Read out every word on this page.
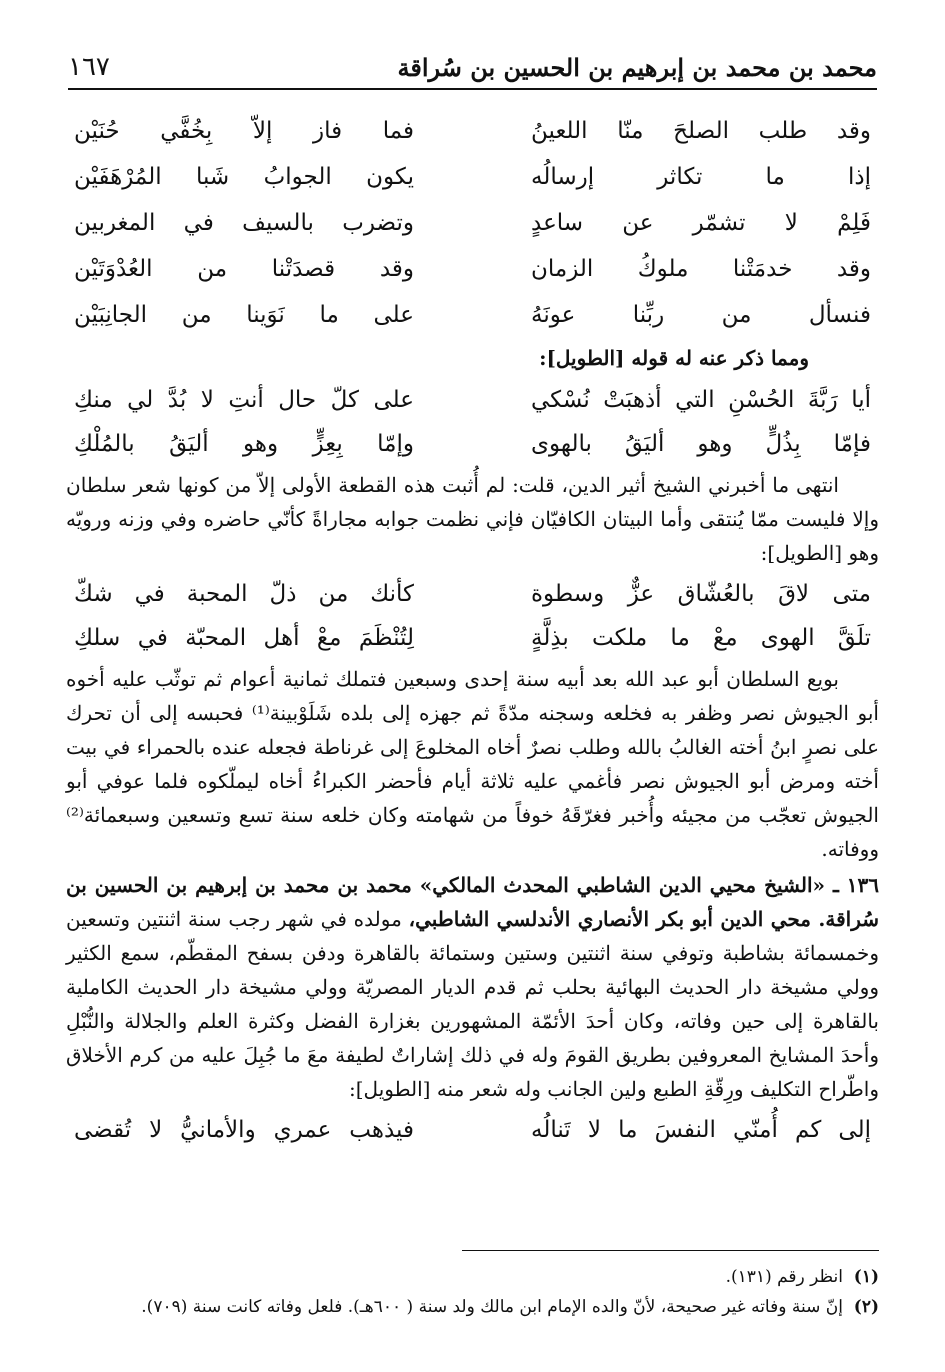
محمد بن محمد بن إبرهيم بن الحسين بن سُراقة
١٦٧
وقد طلب الصلحَ منّا اللعينُ
فما فاز إلاّ بِخُفَّي حُنَيْن
إذا ما تكاثر إرسالُه
يكون الجوابُ شَبا المُرْهَفَيْن
فَلِمْ لا تشمّر عن ساعدٍ
وتضرب بالسيف في المغربين
وقد خدمَتْنا ملوكُ الزمان
وقد قصدَتْنا من العُدْوَتَيْن
فنسأل من ربِّنا عونَهُ
على ما نَوَينا من الجانِبَيْن
ومما ذكر عنه له قوله [الطويل]:
أيا رَبَّةَ الحُسْنِ التي أذهبَتْ نُسْكي
على كلّ حال أنتِ لا بُدَّ لي منكِ
فإمّا بِذُلٍّ وهو أليَقُ بالهوى
وإمّا بِعِزٍّ وهو أليَقُ بالمُلْكِ

انتهى ما أخبرني الشيخ أثير الدين، قلت: لم أُثبت هذه القطعة الأولى إلاّ من كونها شعر سلطان وإلا فليست ممّا يُنتقى وأما البيتان الكافيّان فإني نظمت جوابه مجاراةً كأنّي حاضره وفي وزنه ورويّه وهو [الطويل]:

متى لاقَ بالعُشّاق عزٌّ وسطوة
كأنك من ذلّ المحبة في شكّ
تلَقَّ الهوى معْ ما ملكت بذِلَّةٍ
لِتُنْظَمَ معْ أهل المحبّة في سلكِ

بويع السلطان أبو عبد الله بعد أبيه سنة إحدى وسبعين فتملك ثمانية أعوام ثم توثّب عليه أخوه أبو الجيوش نصر وظفر به فخلعه وسجنه مدّةً ثم جهزه إلى بلده شَلَوْبينة⁽¹⁾ فحبسه إلى أن تحرك على نصرٍ ابنُ أخته الغالبُ بالله وطلب نصرٌ أخاه المخلوعَ إلى غرناطة فجعله عنده بالحمراء في بيت أخته ومرض أبو الجيوش نصر فأغمي عليه ثلاثة أيام فأحضر الكبراءُ أخاه ليملّكوه فلما عوفي أبو الجيوش تعجّب من مجيئه وأُخبر فغرّقَهُ خوفاً من شهامته وكان خلعه سنة تسع وتسعين وسبعمائة⁽²⁾ ووفاته.

١٣٦ ـ «الشيخ محيي الدين الشاطبي المحدث المالكي» محمد بن محمد بن إبرهيم بن الحسين بن سُراقة. محي الدين أبو بكر الأنصاري الأندلسي الشاطبي، مولده في شهر رجب سنة اثنتين وتسعين وخمسمائة بشاطبة وتوفي سنة اثنتين وستين وستمائة بالقاهرة ودفن بسفح المقطّم، سمع الكثير وولي مشيخة دار الحديث البهائية بحلب ثم قدم الديار المصريّة وولي مشيخة دار الحديث الكاملية بالقاهرة إلى حين وفاته، وكان أحدَ الأئمّة المشهورين بغزارة الفضل وكثرة العلم والجلالة والنُّبْلِ وأحدَ المشايخ المعروفين بطريق القومَ وله في ذلك إشاراتٌ لطيفة معَ ما جُبِلَ عليه من كرم الأخلاق واطّراح التكليف ورِقّةِ الطبع ولين الجانب وله شعر منه [الطويل]:

إلى كم أُمنّي النفسَ ما لا تَنالُه
فيذهب عمري والأمانيُّ لا تُقضى
(١)  انظر رقم (١٣١).
(٢)  إنّ سنة وفاته غير صحيحة، لأنّ والده الإمام ابن مالك ولد سنة ( ٦٠٠هـ). فلعل وفاته كانت سنة (٧٠٩).
